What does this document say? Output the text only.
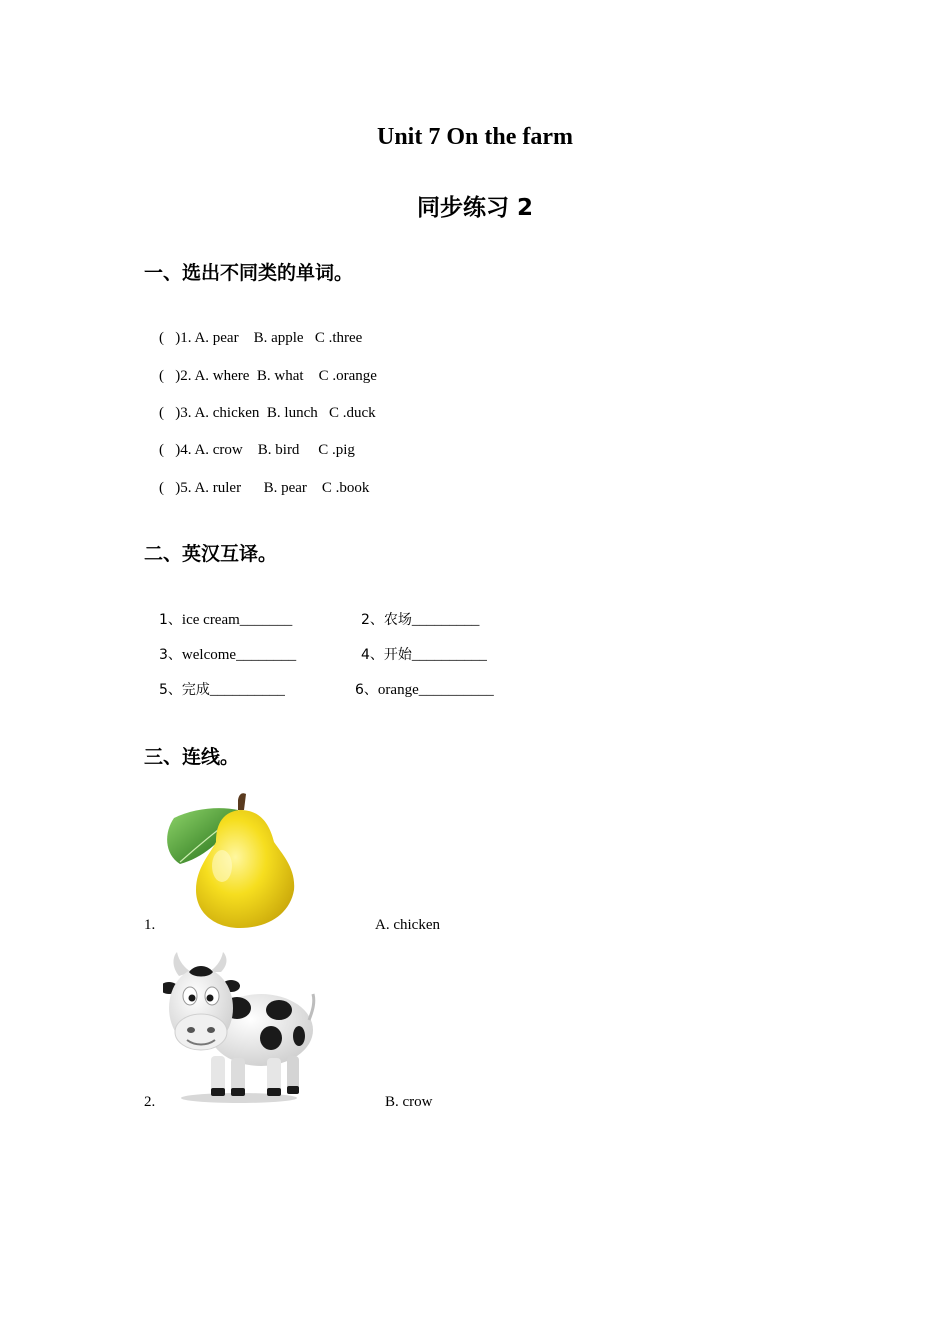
Unit 7 On the farm
同步练习 2
一、选出不同类的单词。

(   )1. A. pear B. apple C .three

(   )2. A. where B. what C .orange

(   )3. A. chicken B. lunch C .duck

(   )4. A. crow B. bird C .pig

(   )5. A. ruler B. pear C .book

二、英汉互译。

1、ice cream_______
	2、农场_________

3、welcome________
	4、开始__________

5、完成__________
	6、orange__________

三、连线。
1.	A. chicken
2.	B. crow
